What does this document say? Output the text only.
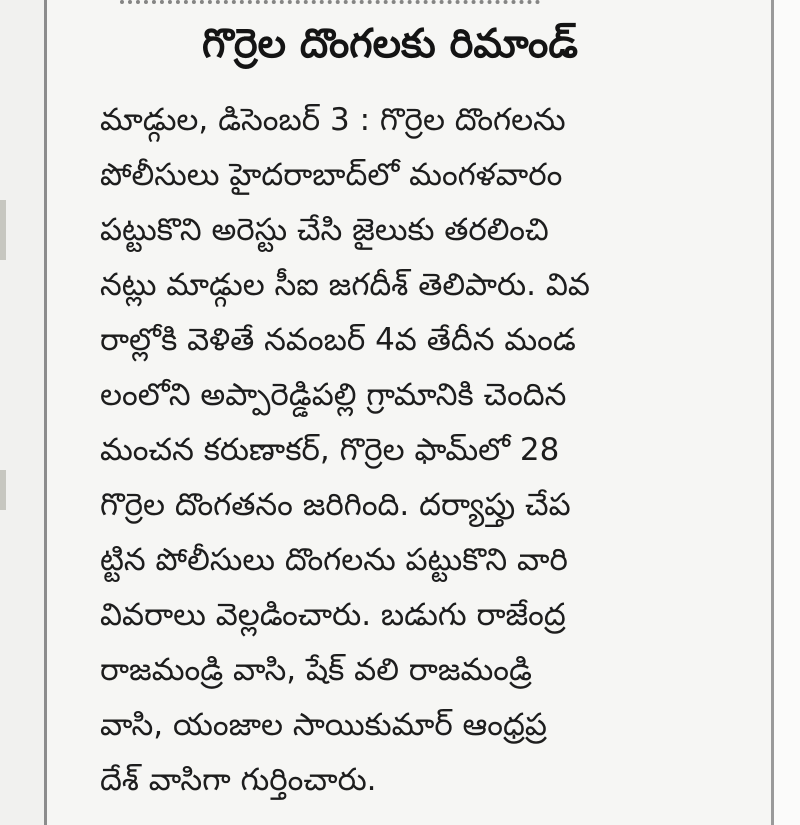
గొర్రెల దొంగలకు రిమాండ్
మాడ్గుల, డిసెంబర్ 3 : గొర్రెల దొంగలను
పోలీసులు హైదరాబాద్‌లో మంగళవారం
పట్టుకొని అరెస్టు చేసి జైలుకు తరలించి
నట్లు మాడ్గుల సీఐ జగదీశ్ తెలిపారు. వివ
రాల్లోకి వెళితే నవంబర్ 4వ తేదీన మండ
లంలోని అప్పారెడ్డిపల్లి గ్రామానికి చెందిన
మంచన కరుణాకర్, గొర్రెల ఫామ్‌లో 28
గొర్రెల దొంగతనం జరిగింది. దర్యాప్తు చేప
ట్టిన పోలీసులు దొంగలను పట్టుకొని వారి
వివరాలు వెల్లడించారు. బడుగు రాజేంద్ర
రాజమండ్రి వాసి, షేక్ వలి రాజమండ్రి
వాసి, యంజాల సాయికుమార్ ఆంధ్రప్ర
దేశ్ వాసిగా గుర్తించారు.
